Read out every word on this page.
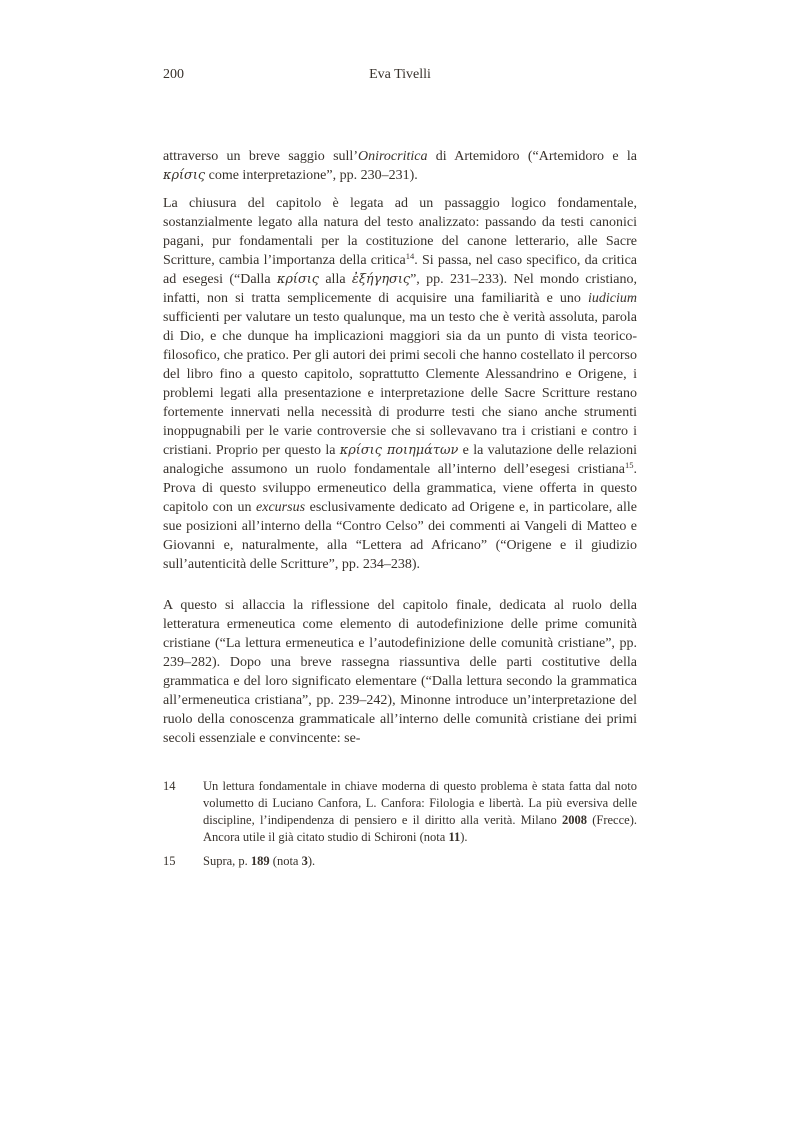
200	Eva Tivelli

attraverso un breve saggio sull’Onirocritica di Artemidoro (“Artemidoro e la κρίσις come interpretazione”, pp. 230–231).

La chiusura del capitolo è legata ad un passaggio logico fondamentale, sostanzialmente legato alla natura del testo analizzato: passando da testi canonici pagani, pur fondamentali per la costituzione del canone letterario, alle Sacre Scritture, cambia l’importanza della critica$^{14}$. Si passa, nel caso specifico, da critica ad esegesi (“Dalla κρίσις alla ἐξήγησις”, pp. 231–233). Nel mondo cristiano, infatti, non si tratta semplicemente di acquisire una familiarità e uno iudicium sufficienti per valutare un testo qualunque, ma un testo che è verità assoluta, parola di Dio, e che dunque ha implicazioni maggiori sia da un punto di vista teorico-filosofico, che pratico. Per gli autori dei primi secoli che hanno costellato il percorso del libro fino a questo capitolo, soprattutto Clemente Alessandrino e Origene, i problemi legati alla presentazione e interpretazione delle Sacre Scritture restano fortemente innervati nella necessità di produrre testi che siano anche strumenti inoppugnabili per le varie controversie che si sollevavano tra i cristiani e contro i cristiani. Proprio per questo la κρίσις ποιημάτων e la valutazione delle relazioni analogiche assumono un ruolo fondamentale all’interno dell’esegesi cristiana$^{15}$. Prova di questo sviluppo ermeneutico della grammatica, viene offerta in questo capitolo con un excursus esclusivamente dedicato ad Origene e, in particolare, alle sue posizioni all’interno della “Contro Celso” dei commenti ai Vangeli di Matteo e Giovanni e, naturalmente, alla “Lettera ad Africano” (“Origene e il giudizio sull’autenticità delle Scritture”, pp. 234–238).

A questo si allaccia la riflessione del capitolo finale, dedicata al ruolo della letteratura ermeneutica come elemento di autodefinizione delle prime comunità cristiane (“La lettura ermeneutica e l’autodefinizione delle comunità cristiane”, pp. 239–282). Dopo una breve rassegna riassuntiva delle parti costitutive della grammatica e del loro significato elementare (“Dalla lettura secondo la grammatica all’ermeneutica cristiana”, pp. 239–242), Minonne introduce un’interpretazione del ruolo della conoscenza grammaticale all’interno delle comunità cristiane dei primi secoli essenziale e convincente: se-

14	Un lettura fondamentale in chiave moderna di questo problema è stata fatta dal noto volumetto di Luciano Canfora, L. Canfora: Filologia e libertà. La più eversiva delle discipline, l’indipendenza di pensiero e il diritto alla verità. Milano 2008 (Frecce). Ancora utile il già citato studio di Schironi (nota 11).
15	Supra, p. 189 (nota 3).
